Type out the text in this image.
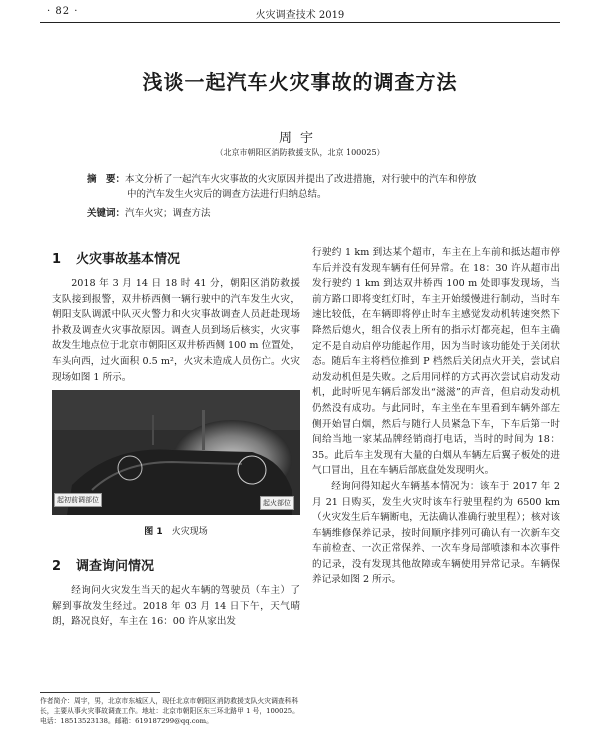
· 82 ·	火灾调查技术 2019
浅谈一起汽车火灾事故的调查方法
周宇
（北京市朝阳区消防救援支队，北京 100025）
摘　要：本文分析了一起汽车火灾事故的火灾原因并提出了改进措施，对行驶中的汽车和停放
中的汽车发生火灾后的调查方法进行归纳总结。
关键词：汽车火灾；调查方法
1 火灾事故基本情况

2018 年 3 月 14 日 18 时 41 分，朝阳区消防救援支队接到报警，双井桥西侧一辆行驶中的汽车发生火灾，朝阳支队调派中队灭火警力和火灾事故调查人员赶赴现场扑救及调查火灾事故原因。调查人员到场后核实，火灾事故发生地点位于北京市朝阳区双井桥西侧 100 m 位置处，车头向西，过火面积 0.5 m²，火灾未造成人员伤亡。火灾现场如图 1 所示。

起初前调部位	起火部位
图 1　 火灾现场
2 调查询问情况

经询问火灾发生当天的起火车辆的驾驶员（车主）了解到事故发生经过。2018 年 03 月 14 日下午，天气晴朗，路况良好，车主在 16：00 许从家出发

行驶约 1 km 到达某个超市，车主在上车前和抵达超市停车后并没有发现车辆有任何异常。在 18：30 许从超市出发行驶约 1 km 到达双井桥西 100 m 处即事发现场，当前方路口即将变红灯时，车主开始缓慢进行制动，当时车速比较低，在车辆即将停止时车主感觉发动机转速突然下降然后熄火，组合仪表上所有的指示灯都亮起，但车主确定不是自动启停功能起作用，因为当时该功能处于关闭状态。随后车主将档位推到 P 档然后关闭点火开关，尝试启动发动机但是失败。之后用同样的方式再次尝试启动发动机，此时听见车辆后部发出“滋滋”的声音，但启动发动机仍然没有成功。与此同时，车主坐在车里看到车辆外部左侧开始冒白烟，然后与随行人员紧急下车，下车后第一时间给当地一家某品牌经销商打电话，当时的时间为 18：35。此后车主发现有大量的白烟从车辆左后翼子板处的进气口冒出，且在车辆后部底盘处发现明火。

经询问得知起火车辆基本情况为：该车于 2017 年 2 月 21 日购买，发生火灾时该车行驶里程约为 6500 km（火灾发生后车辆断电，无法确认准确行驶里程）；核对该车辆维修保养记录，按时间顺序排列可确认有一次新车交车前检查、一次正常保养、一次车身局部喷漆和本次事件的记录，没有发现其他故障或车辆使用异常记录。车辆保养记录如图 2 所示。

作者简介：周宇，男，北京市东城区人，现任北京市朝阳区消防救援支队火灾调查科科长，主要从事火灾事故调查工作。地址：北京市朝阳区东三环北路甲 1 号，100025。电话：18513523138。邮箱：619187299@qq.com。
